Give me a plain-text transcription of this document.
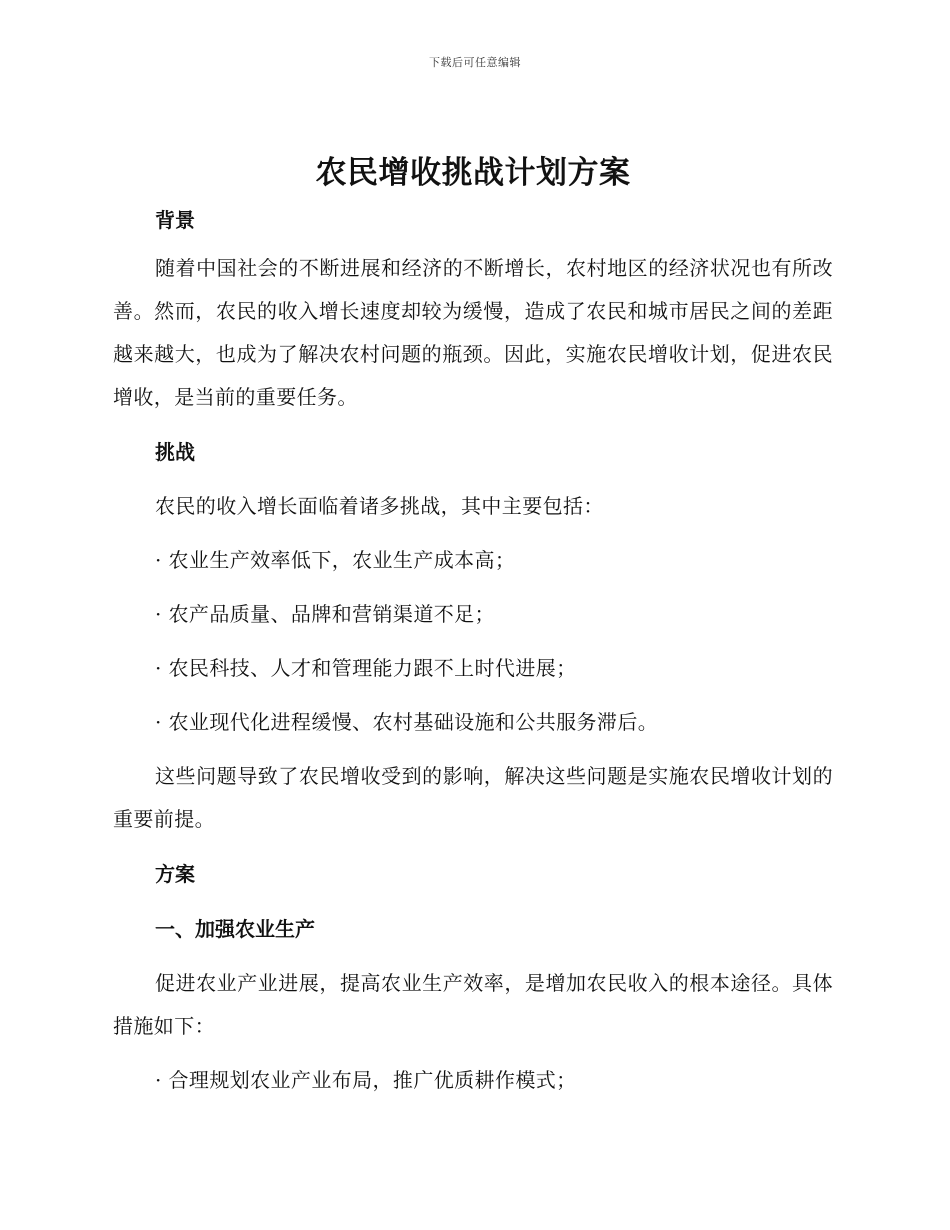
下载后可任意编辑
农民增收挑战计划方案
背景

随着中国社会的不断进展和经济的不断增长，农村地区的经济状况也有所改善。然而，农民的收入增长速度却较为缓慢，造成了农民和城市居民之间的差距越来越大，也成为了解决农村问题的瓶颈。因此，实施农民增收计划，促进农民增收，是当前的重要任务。

挑战

农民的收入增长面临着诸多挑战，其中主要包括：

· 农业生产效率低下，农业生产成本高；

· 农产品质量、品牌和营销渠道不足；

· 农民科技、人才和管理能力跟不上时代进展；

· 农业现代化进程缓慢、农村基础设施和公共服务滞后。

这些问题导致了农民增收受到的影响，解决这些问题是实施农民增收计划的重要前提。

方案
一、加强农业生产

促进农业产业进展，提高农业生产效率，是增加农民收入的根本途径。具体措施如下：

· 合理规划农业产业布局，推广优质耕作模式；
